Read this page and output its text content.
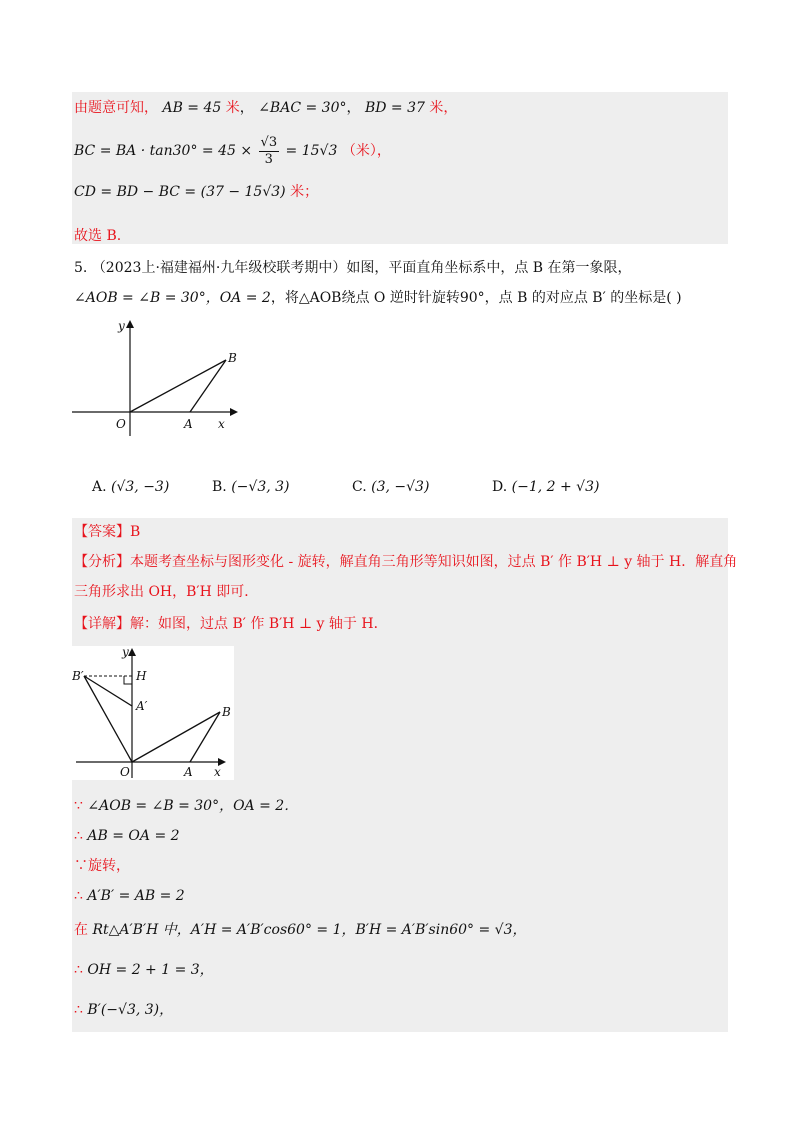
由题意可知， AB = 45 米， ∠BAC = 30°， BD = 37 米，
BC = BA · $\tan 30^\circ = 45 \times \frac{√3}{3} = 15√3$ （米），
CD = BD − BC = (37 − 15√3) 米；
故选 B.
5. （2023上·福建福州·九年级校联考期中）如图，平面直角坐标系中，点 B 在第一象限，
∠AOB = ∠B = 30°，OA = 2，将△AOB绕点 O 逆时针旋转90°，点 B 的对应点 B′ 的坐标是( )
y
B
O	A x
A. (√3, −3)	B. (−√3, 3)	C. (3, −√3)	D. (−1, 2 + √3)
【答案】B
【分析】本题考查坐标与图形变化 - 旋转，解直角三角形等知识如图，过点 B′ 作 B′H ⊥ y 轴于 H．解直角
三角形求出 OH，B′H 即可．
【详解】解：如图，过点 B′ 作 B′H ⊥ y 轴于 H．
y
B′	H
A′	B
O	A x
∵ ∠AOB = ∠B = 30°，OA = 2．
∴ AB = OA = 2
∵旋转，
∴ A′B′ = AB = 2
在 Rt△A′B′H 中，A′H = A′B′cos60° = 1，B′H = A′B′sin60° = √3，
∴ OH = 2 + 1 = 3，
∴ B′(−√3, 3)，
